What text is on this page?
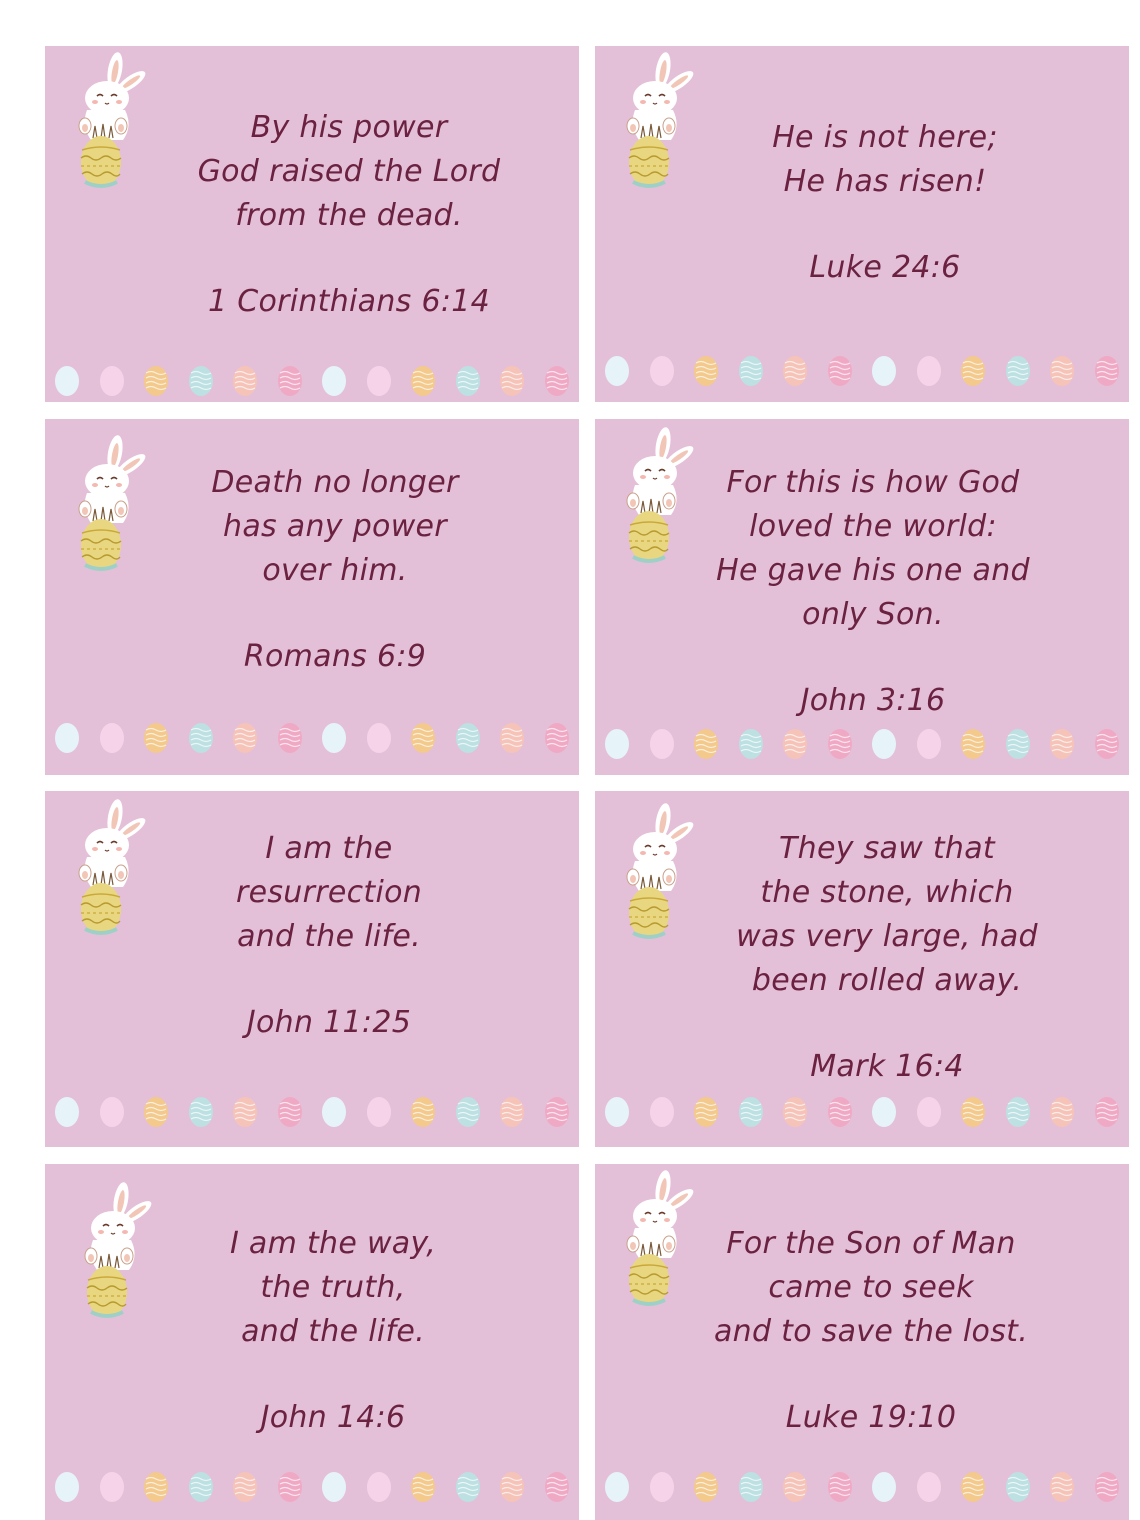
By his power
God raised the Lord
from the dead.
1 Corinthians 6:14
He is not here;
He has risen!
Luke 24:6
Death no longer
has any power
over him.
Romans 6:9
For this is how God
loved the world:
He gave his one and
only Son.
John 3:16
I am the
resurrection
and the life.
John 11:25
They saw that
the stone, which
was very large, had
been rolled away.
Mark 16:4
I am the way,
the truth,
and the life.
John 14:6
For the Son of Man
came to seek
and to save the lost.
Luke 19:10
